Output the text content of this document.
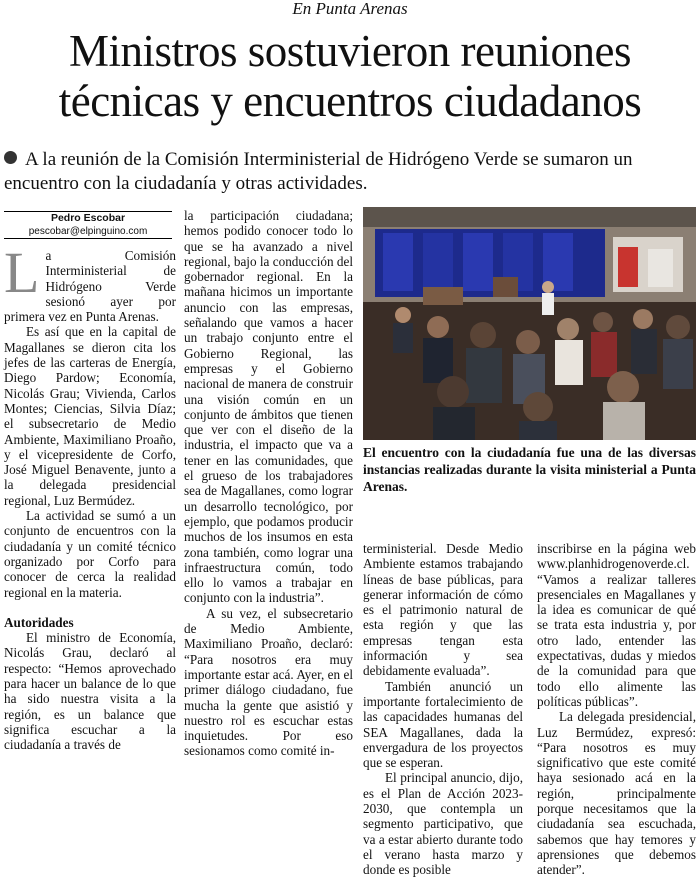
En Punta Arenas
Ministros sostuvieron reuniones
técnicas y encuentros ciudadanos
A la reunión de la Comisión Interministerial de Hidrógeno Verde se sumaron un encuentro con la ciudadanía y otras actividades.
Pedro Escobar
pescobar@elpinguino.com
La Comisión Interministerial de Hidrógeno Verde sesionó ayer por primera vez en Punta Arenas.

Es así que en la capital de Magallanes se dieron cita los jefes de las carteras de Energía, Diego Pardow; Economía, Nicolás Grau; Vivienda, Carlos Montes; Ciencias, Silvia Díaz; el subsecretario de Medio Ambiente, Maximiliano Proaño, y el vicepresidente de Corfo, José Miguel Benavente, junto a la delegada presidencial regional, Luz Bermúdez.

La actividad se sumó a un conjunto de encuentros con la ciudadanía y un comité técnico organizado por Corfo para conocer de cerca la realidad regional en la materia.

Autoridades

El ministro de Economía, Nicolás Grau, declaró al respecto: “Hemos aprovechado para hacer un balance de lo que ha sido nuestra visita a la región, es un balance que significa escuchar a la ciudadanía a través de

la participación ciudadana; hemos podido conocer todo lo que se ha avanzado a nivel regional, bajo la conducción del gobernador regional. En la mañana hicimos un importante anuncio con las empresas, señalando que vamos a hacer un trabajo conjunto entre el Gobierno Regional, las empresas y el Gobierno nacional de manera de construir una visión común en un conjunto de ámbitos que tienen que ver con el diseño de la industria, el impacto que va a tener en las comunidades, que el grueso de los trabajadores sea de Magallanes, como lograr un desarrollo tecnológico, por ejemplo, que podamos producir muchos de los insumos en esta zona también, como lograr una infraestructura común, todo ello lo vamos a trabajar en conjunto con la industria”.

A su vez, el subsecretario de Medio Ambiente, Maximiliano Proaño, declaró: “Para nosotros era muy importante estar acá. Ayer, en el primer diálogo ciudadano, fue mucha la gente que asistió y nuestro rol es escuchar estas inquietudes. Por eso sesionamos como comité in-

El encuentro con la ciudadanía fue una de las diversas instancias realizadas durante la visita ministerial a Punta Arenas.

terministerial. Desde Medio Ambiente estamos trabajando líneas de base públicas, para generar información de cómo es el patrimonio natural de esta región y que las empresas tengan esta información y sea debidamente evaluada”.

También anunció un importante fortalecimiento de las capacidades humanas del SEA Magallanes, dada la envergadura de los proyectos que se esperan.

El principal anuncio, dijo, es el Plan de Acción 2023-2030, que contempla un segmento participativo, que va a estar abierto durante todo el verano hasta marzo y donde es posible

inscribirse en la página web www.planhidrogenoverde.cl. “Vamos a realizar talleres presenciales en Magallanes y la idea es comunicar de qué se trata esta industria y, por otro lado, entender las expectativas, dudas y miedos de la comunidad para que todo ello alimente las políticas públicas”.

La delegada presidencial, Luz Bermúdez, expresó: “Para nosotros es muy significativo que este comité haya sesionado acá en la región, principalmente porque necesitamos que la ciudadanía sea escuchada, sabemos que hay temores y aprensiones que debemos atender”.
